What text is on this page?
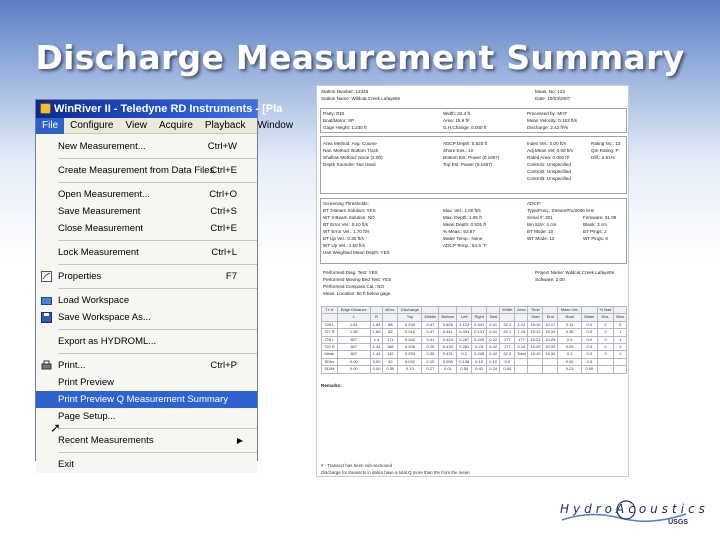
Discharge Measurement Summary
WinRiver II - Teledyne RD Instruments - [Pla
File Configure View Acquire Playback Window
New Measurement...	Ctrl+W
Create Measurement from Data Files
Ctrl+E
Open Measurement...	Ctrl+O
Save Measurement	Ctrl+S
Close Measurement	Ctrl+E
Lock Measurement	Ctrl+L
Properties	F7
Load Workspace
Save Workspace As...
Export as HYDROML...
Print...	Ctrl+P
Print Preview
Print Preview Q Measurement Summary
Page Setup...
Recent Measurements	▶
Exit
➚
Station Number: 12345
Station Name: Wildcat Creek Lafayette
Meas. No: 123
Date: 10/03/2007
Party: RDI
Boat/Motor: SP
Gage Height: 1.230 ft
Width: 32.4 ft
Area: 15.9 ft²
G.H.Change: 0.000 ft
Processed by: MHT
Mean Velocity: 0.153 ft/s
Discharge: 2.43 ft³/s
Area Method: Avg. Course
Nav. Method: Bottom Track
Shallow Method: None (2.0ft)
Depth Sounder: Not Used
ADCP Depth: 0.820 ft
Shore Ens.: 10
Bottom Est: Power (0.1667)
Top Est: Power (0.1667)
Index Vel.: 0.00 ft/s	Rating No.: 13
Adj.Mean Vel: 0.00 ft/s	Qm Rating: P
Rated Area: 0.000 ft²	Diff.: 2.51%
Control1: Unspecified
Control2: Unspecified
Control3: Unspecified
Screening Thresholds:
BT 3-Beam Solution: YES
WT 3-Beam Solution: NO
BT Error Vel.: 0.10 ft/s
WT Error Vel.: 1.70 ft/s
BT Up Vel.: 0.30 ft/s
WT Up Vel.: 1.50 ft/s
Use Weighted Mean Depth: YES
Max. Vel.: 1.00 ft/s
Max. Depth: 1.95 ft
Mean Depth: 0.501 ft
% Meas.: 53.87
Water Temp.: None
ADCP Temp.: 64.5 °F
ADCP:
Type/Freq.: StreamPro/2000 kHz
Serial #: 301	Firmware: 31.08
Bin Size: 4 cm	Blank: 3 cm
BT Mode: 10	BT Pings: 2
WT Mode: 12	WT Pings: 6
Performed Diag. Test: YES
Performed Moving Bed Test: YES
Performed Compass Cal.: NO
Meas. Location: 50 ft below gage
Project Name: Wildcat Creek Lafayette
Software: 2.00
Tr. #	Edge Distance		#Ens.	Discharge						Width	Area	Time		Mean Vel.		% Bad	
	L	R		Top	Middle	Bottom	Left	Right	Total			Start	End	Boat	Water	Ens.	Bins
726 L	1.61	1.64	88	0.239	0.47	0.826	1.123	0.441	0.41	32.1	1.13	15:10	10:17	0.11	0.0	0	0
727 R	1.55	1.65	82	0.316	0.47	0.441	0.431	0.131	0.41	32.1	1.15	15:12	15:19	0.35	0.0	0	1
728 L	607	1.4	171	0.262	0.41	0.424	0.267	0.229	0.22	177	177	15:23	10:25	2.9	0.0	0	1
729 R	607	1.44	168	0.226	0.26	0.434	0.281	0.23	0.42	177	0.14	15:29	15:33	0.09	0.0	0	1
Mean	607	1.44	142	0.253	0.35	0.431	0.2	0.245	0.42	32.3	Total	15:10	15:34	0.1	0.0	0	1
SDev	0.00	0.00	42	0.032	0.10	0.005	0.138	0.10	0.10	0.0				0.02	0.0		
SD/M	0.00	0.00	0.30	0.13	0.27	0.01	0.54	0.41	0.24	0.00				0.23	0.00		
Remarks:
# - Transect has been sub-sectioned
Discharge for transects in italics have a total Q more than 5% from the mean
HydroAcoustics
USGS
